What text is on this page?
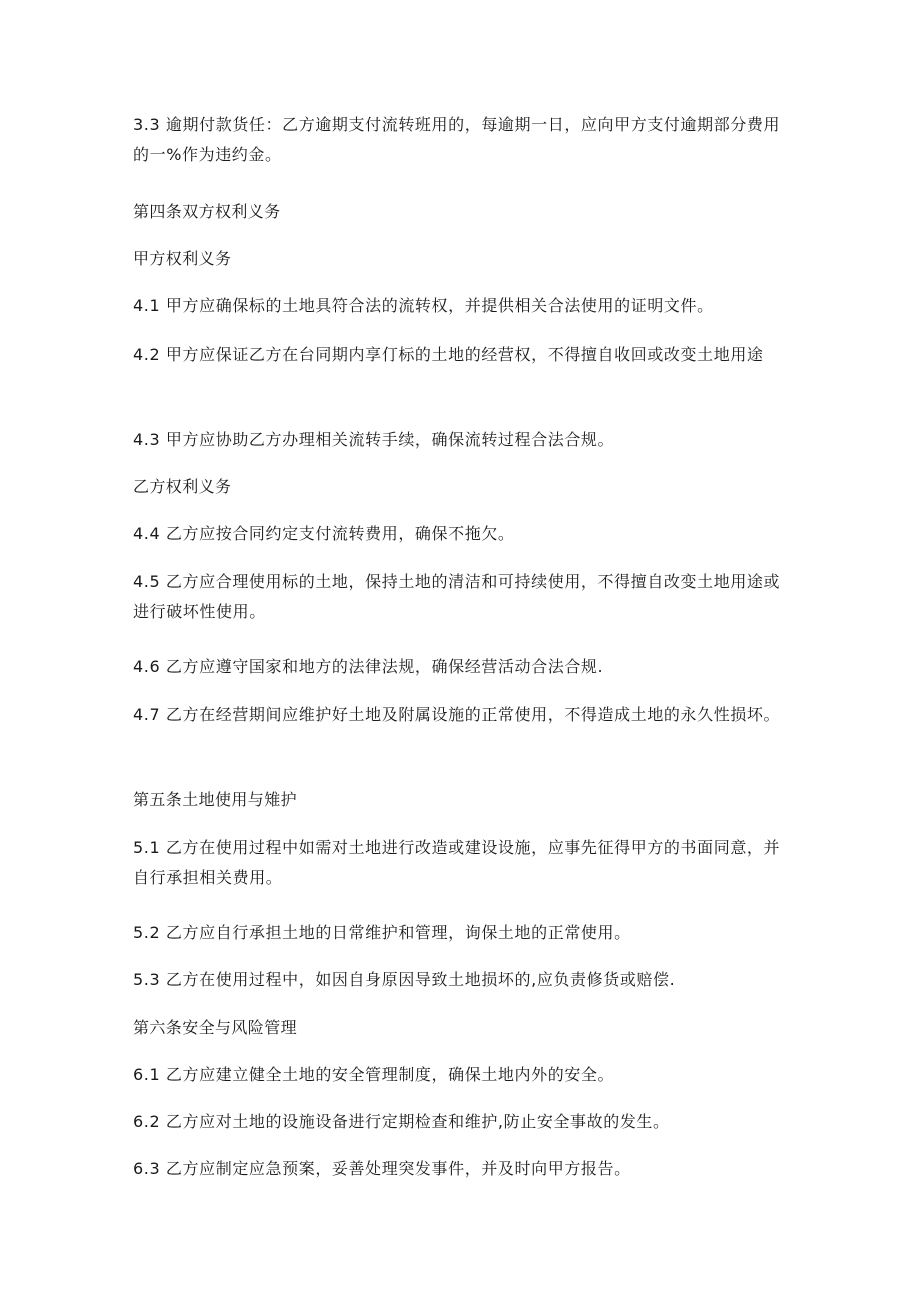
3.3 逾期付款货任：乙方逾期支付流转班用的，每逾期一日，应向甲方支付逾期部分费用的一%作为违约金。
第四条双方权利义务
甲方权利义务
4.1 甲方应确保标的土地具符合法的流转权，并提供相关合法使用的证明文件。
4.2 甲方应保证乙方在台同期内享仃标的土地的经营权，不得擅自收回或改变土地用途
4.3 甲方应协助乙方办理相关流转手续，确保流转过程合法合规。
乙方权利义务
4.4 乙方应按合同约定支付流转费用，确保不拖欠。
4.5 乙方应合理使用标的土地，保持土地的清洁和可持续使用，不得擅自改变土地用途或进行破坏性使用。
4.6 乙方应遵守国家和地方的法律法规，确保经营活动合法合规.
4.7 乙方在经营期间应维护好土地及附属设施的正常使用，不得造成土地的永久性损坏。
第五条土地使用与雉护
5.1 乙方在使用过程中如需对土地进行改造或建设设施，应事先征得甲方的书面同意，并自行承担相关费用。
5.2 乙方应自行承担土地的日常维护和管理，询保土地的正常使用。
5.3 乙方在使用过程中，如因自身原因导致土地损坏的,应负责修货或赔偿.
第六条安全与风险管理
6.1 乙方应建立健全土地的安全管理制度，确保土地内外的安全。
6.2 乙方应对土地的设施设备进行定期检查和维护,防止安全事故的发生。
6.3 乙方应制定应急预案，妥善处理突发事件，并及时向甲方报告。
